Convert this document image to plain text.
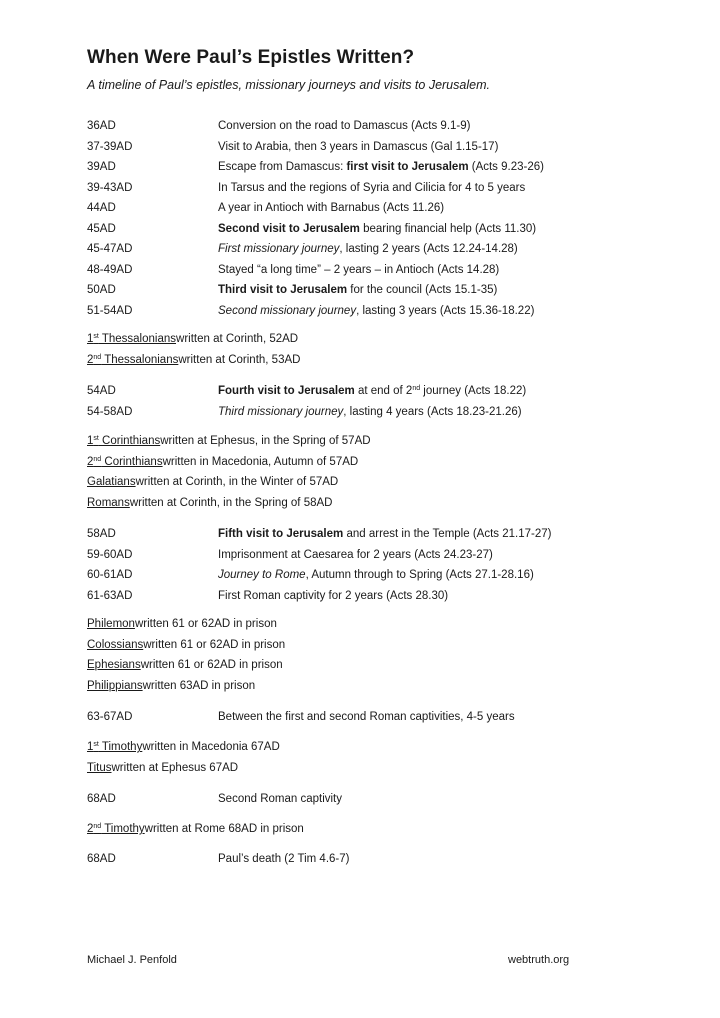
When Were Paul’s Epistles Written?

A timeline of Paul’s epistles, missionary journeys and visits to Jerusalem.

36AD	Conversion on the road to Damascus (Acts 9.1-9)
37-39AD	Visit to Arabia, then 3 years in Damascus (Gal 1.15-17)
39AD	Escape from Damascus: first visit to Jerusalem (Acts 9.23-26)
39-43AD	In Tarsus and the regions of Syria and Cilicia for 4 to 5 years
44AD	A year in Antioch with Barnabus (Acts 11.26)
45AD	Second visit to Jerusalem bearing financial help (Acts 11.30)
45-47AD	First missionary journey, lasting 2 years (Acts 12.24-14.28)
48-49AD	Stayed “a long time” – 2 years – in Antioch (Acts 14.28)
50AD	Third visit to Jerusalem for the council (Acts 15.1-35)
51-54AD	Second missionary journey, lasting 3 years (Acts 15.36-18.22)
1st Thessalonians written at Corinth, 52AD
2nd Thessalonians written at Corinth, 53AD
54AD	Fourth visit to Jerusalem at end of 2nd journey (Acts 18.22)
54-58AD	Third missionary journey, lasting 4 years (Acts 18.23-21.26)
1st Corinthians written at Ephesus, in the Spring of 57AD
2nd Corinthians written in Macedonia, Autumn of 57AD
Galatians written at Corinth, in the Winter of 57AD
Romans written at Corinth, in the Spring of 58AD
58AD	Fifth visit to Jerusalem and arrest in the Temple (Acts 21.17-27)
59-60AD	Imprisonment at Caesarea for 2 years (Acts 24.23-27)
60-61AD	Journey to Rome, Autumn through to Spring (Acts 27.1-28.16)
61-63AD	First Roman captivity for 2 years (Acts 28.30)
Philemon written 61 or 62AD in prison
Colossians written 61 or 62AD in prison
Ephesians written 61 or 62AD in prison
Philippians written 63AD in prison
63-67AD	Between the first and second Roman captivities, 4-5 years
1st Timothy written in Macedonia 67AD
Titus written at Ephesus 67AD
68AD	Second Roman captivity
2nd Timothy written at Rome 68AD in prison
68AD	Paul’s death (2 Tim 4.6-7)
Michael J. Penfold	webtruth.org
